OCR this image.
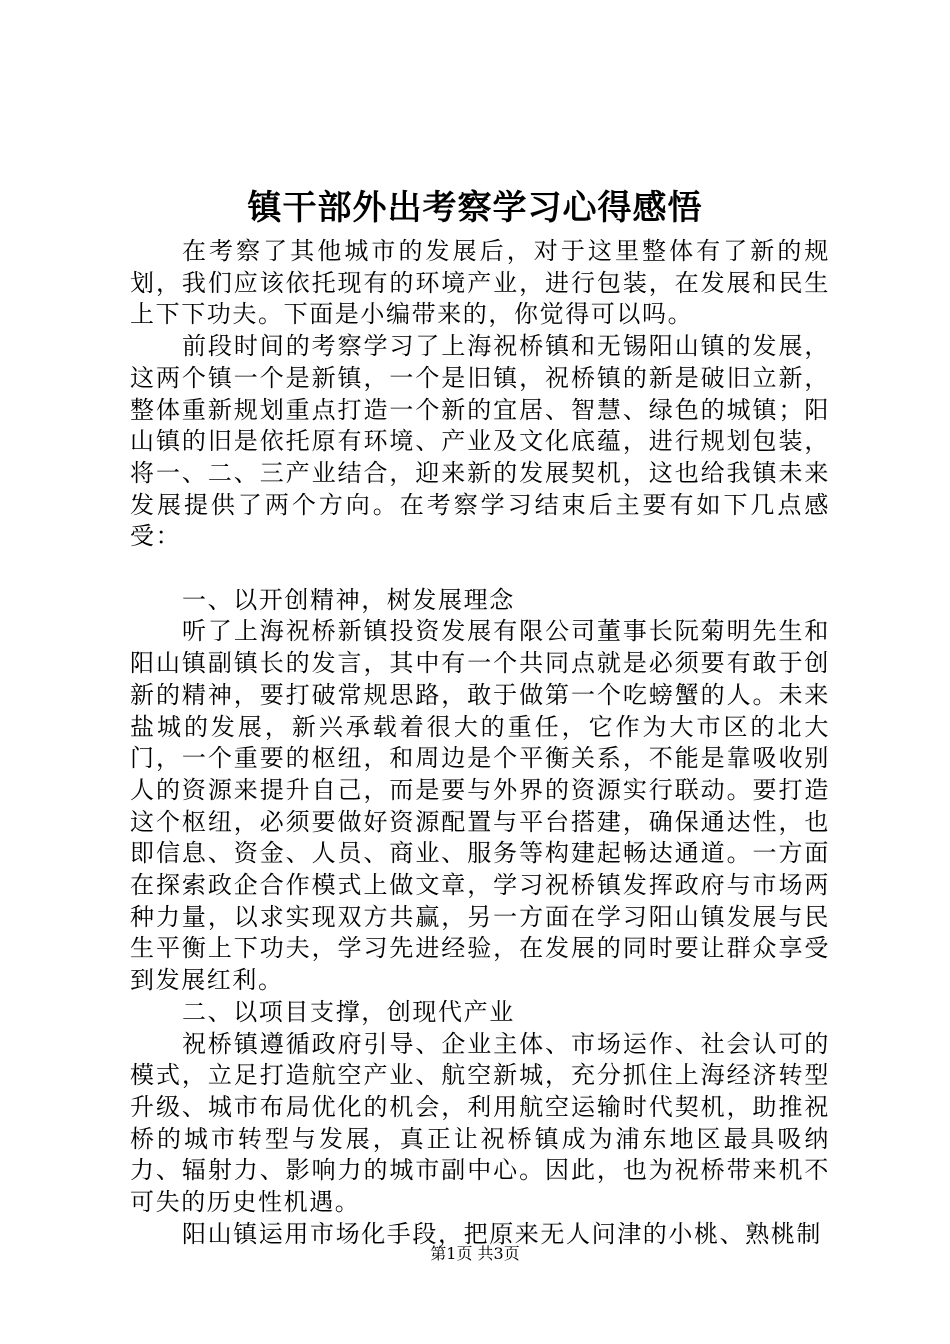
镇干部外出考察学习心得感悟

在考察了其他城市的发展后，对于这里整体有了新的规划，我们应该依托现有的环境产业，进行包装，在发展和民生上下下功夫。下面是小编带来的，你觉得可以吗。

前段时间的考察学习了上海祝桥镇和无锡阳山镇的发展，这两个镇一个是新镇，一个是旧镇，祝桥镇的新是破旧立新，整体重新规划重点打造一个新的宜居、智慧、绿色的城镇；阳山镇的旧是依托原有环境、产业及文化底蕴，进行规划包装，将一、二、三产业结合，迎来新的发展契机，这也给我镇未来发展提供了两个方向。在考察学习结束后主要有如下几点感受：

一、以开创精神，树发展理念

听了上海祝桥新镇投资发展有限公司董事长阮菊明先生和阳山镇副镇长的发言，其中有一个共同点就是必须要有敢于创新的精神，要打破常规思路，敢于做第一个吃螃蟹的人。未来盐城的发展，新兴承载着很大的重任，它作为大市区的北大门，一个重要的枢纽，和周边是个平衡关系，不能是靠吸收别人的资源来提升自己，而是要与外界的资源实行联动。要打造这个枢纽，必须要做好资源配置与平台搭建，确保通达性，也即信息、资金、人员、商业、服务等构建起畅达通道。一方面在探索政企合作模式上做文章，学习祝桥镇发挥政府与市场两种力量，以求实现双方共赢，另一方面在学习阳山镇发展与民生平衡上下功夫，学习先进经验，在发展的同时要让群众享受到发展红利。

二、以项目支撑，创现代产业

祝桥镇遵循政府引导、企业主体、市场运作、社会认可的模式，立足打造航空产业、航空新城，充分抓住上海经济转型升级、城市布局优化的机会，利用航空运输时代契机，助推祝桥的城市转型与发展，真正让祝桥镇成为浦东地区最具吸纳力、辐射力、影响力的城市副中心。因此，也为祝桥带来机不可失的历史性机遇。

阳山镇运用市场化手段，把原来无人问津的小桃、熟桃制

第1页 共3页
